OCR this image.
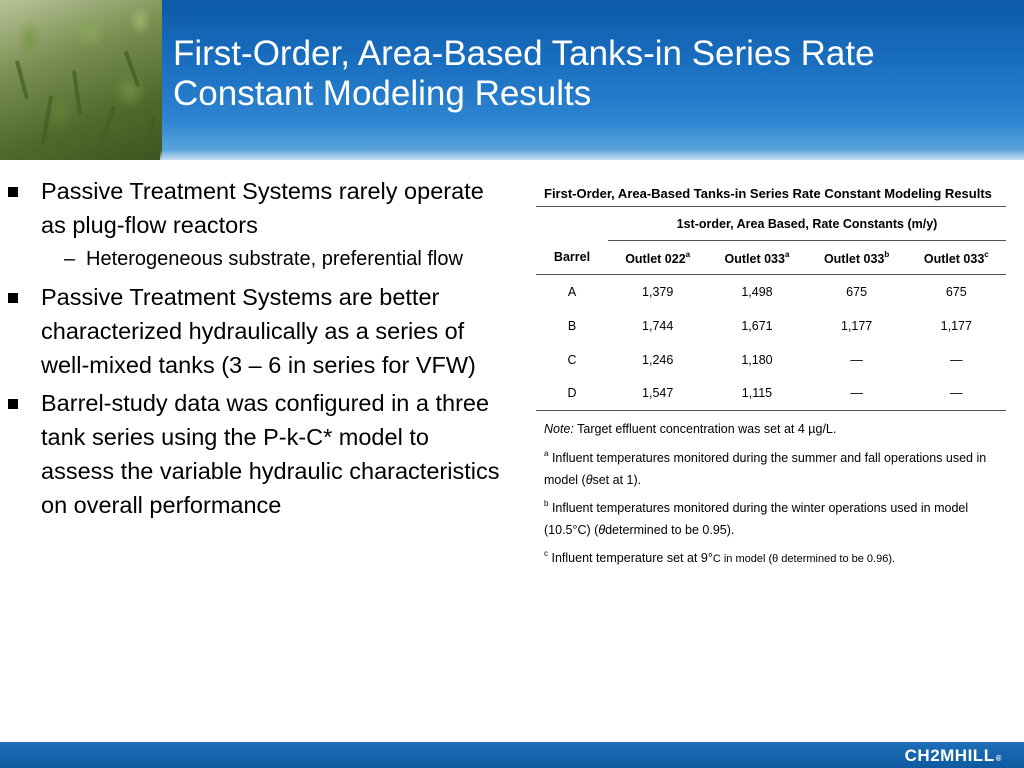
First-Order, Area-Based Tanks-in Series Rate Constant Modeling Results
Passive Treatment Systems rarely operate as plug-flow reactors
– Heterogeneous substrate, preferential flow
Passive Treatment Systems are better characterized hydraulically as a series of well-mixed tanks (3 – 6 in series for VFW)
Barrel-study data was configured in a three tank series using the P-k-C* model to assess the variable hydraulic characteristics on overall performance
First-Order, Area-Based Tanks-in Series Rate Constant Modeling Results
	1st-order, Area Based, Rate Constants (m/y)			
Barrel	Outlet 022$^a$	Outlet 033$^a$	Outlet 033$^b$	Outlet 033$^c$
A	1,379	1,498	675	675
B	1,744	1,671	1,177	1,177
C	1,246	1,180	—	—
D	1,547	1,115	—	—
Note: Target effluent concentration was set at 4 µg/L.
$^a$ Influent temperatures monitored during the summer and fall operations used in model (θset at 1).
$^b$ Influent temperatures monitored during the winter operations used in model (10.5°C) (θdetermined to be 0.95).
$^c$ Influent temperature set at 9°C in model (θ determined to be 0.96).
CH2MHILL®
